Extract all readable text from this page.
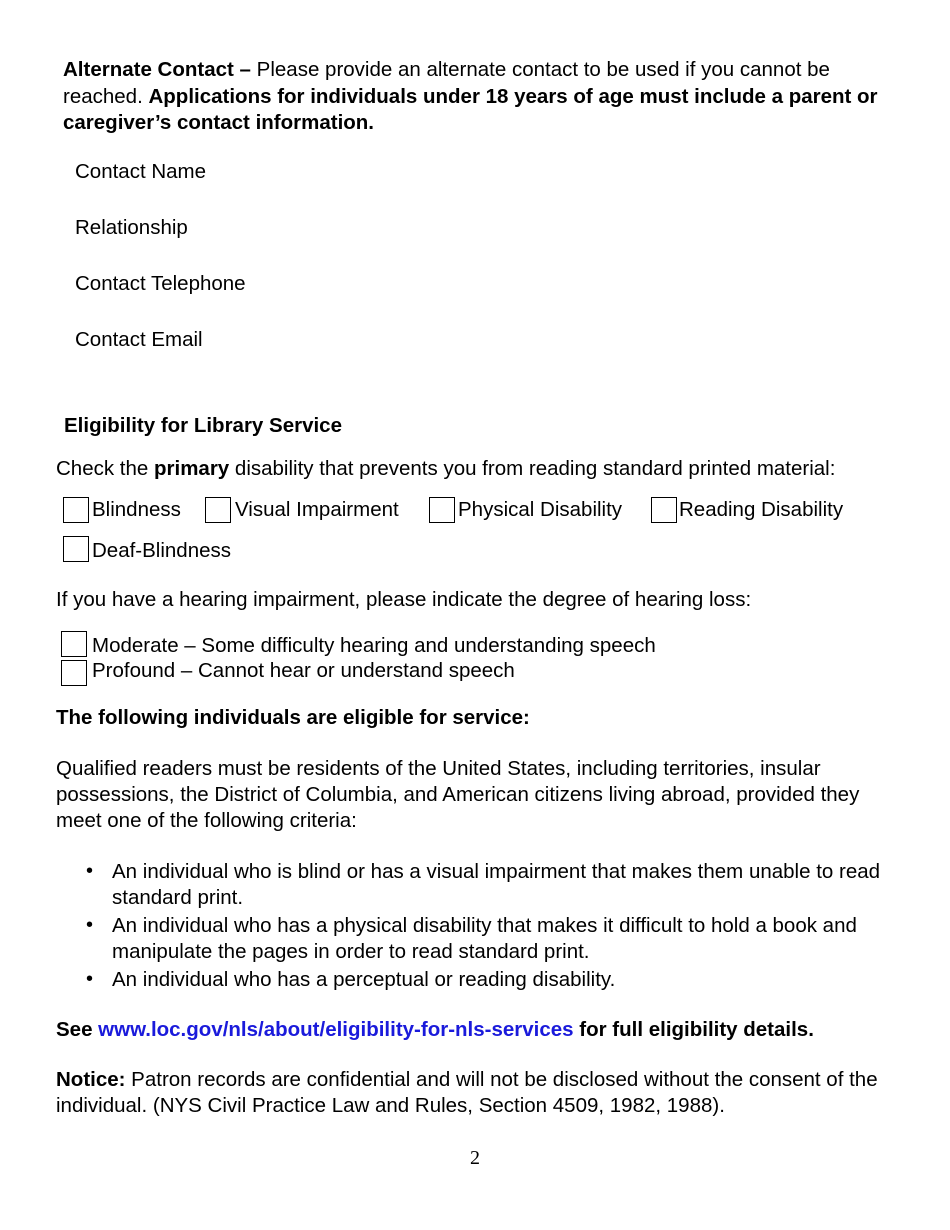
Alternate Contact – Please provide an alternate contact to be used if you cannot be reached. Applications for individuals under 18 years of age must include a parent or caregiver’s contact information.

Contact Name
Relationship
Contact Telephone
Contact Email
Eligibility for Library Service
Check the primary disability that prevents you from reading standard printed material:
Blindness	Visual Impairment	Physical Disability	Reading Disability
Deaf-Blindness
If you have a hearing impairment, please indicate the degree of hearing loss:
Moderate – Some difficulty hearing and understanding speech
Profound – Cannot hear or understand speech
The following individuals are eligible for service:

Qualified readers must be residents of the United States, including territories, insular possessions, the District of Columbia, and American citizens living abroad, provided they meet one of the following criteria:

• An individual who is blind or has a visual impairment that makes them unable to read standard print.

• An individual who has a physical disability that makes it difficult to hold a book and manipulate the pages in order to read standard print.

• An individual who has a perceptual or reading disability.

See www.loc.gov/nls/about/eligibility-for-nls-services for full eligibility details.

Notice: Patron records are confidential and will not be disclosed without the consent of the individual. (NYS Civil Practice Law and Rules, Section 4509, 1982, 1988).

2
